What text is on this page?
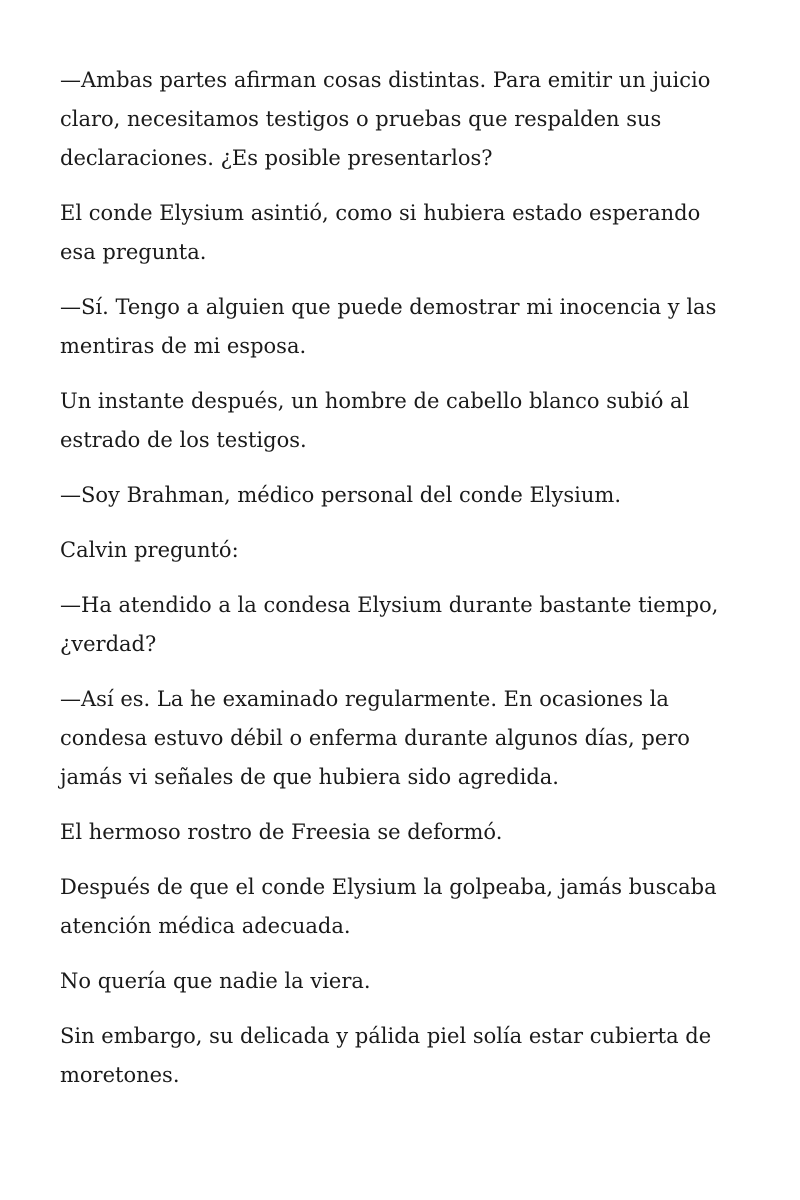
—Ambas partes afirman cosas distintas. Para emitir un juicio claro, necesitamos testigos o pruebas que respalden sus declaraciones. ¿Es posible presentarlos?

El conde Elysium asintió, como si hubiera estado esperando esa pregunta.

—Sí. Tengo a alguien que puede demostrar mi inocencia y las mentiras de mi esposa.

Un instante después, un hombre de cabello blanco subió al estrado de los testigos.

—Soy Brahman, médico personal del conde Elysium.

Calvin preguntó:

—Ha atendido a la condesa Elysium durante bastante tiempo, ¿verdad?

—Así es. La he examinado regularmente. En ocasiones la condesa estuvo débil o enferma durante algunos días, pero jamás vi señales de que hubiera sido agredida.

El hermoso rostro de Freesia se deformó.

Después de que el conde Elysium la golpeaba, jamás buscaba atención médica adecuada.

No quería que nadie la viera.

Sin embargo, su delicada y pálida piel solía estar cubierta de moretones.
